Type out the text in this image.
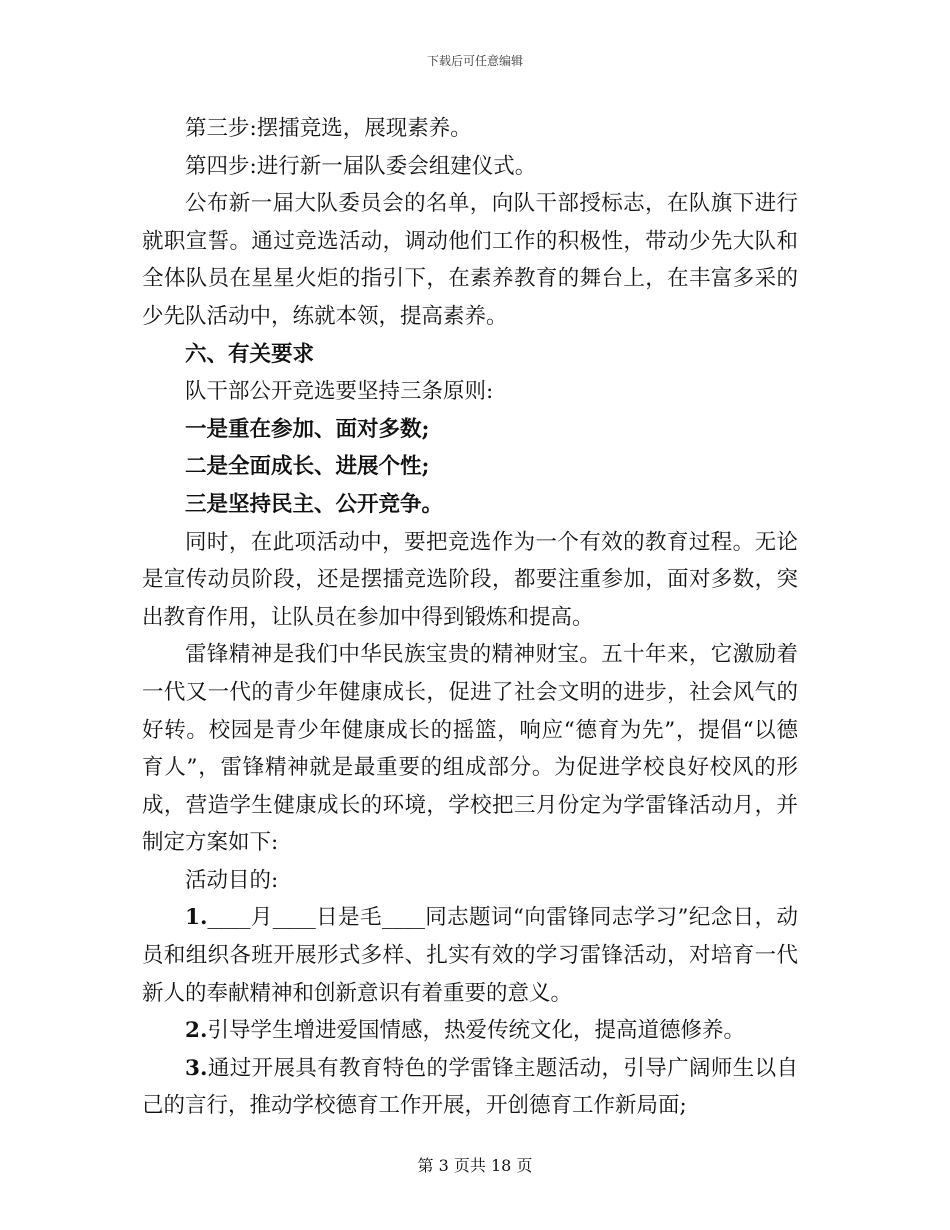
下载后可任意编辑

第三步:摆擂竞选，展现素养。

第四步:进行新一届队委会组建仪式。

公布新一届大队委员会的名单，向队干部授标志，在队旗下进行就职宣誓。通过竞选活动，调动他们工作的积极性，带动少先大队和全体队员在星星火炬的指引下，在素养教育的舞台上，在丰富多采的少先队活动中，练就本领，提高素养。

六、有关要求

队干部公开竞选要坚持三条原则:

一是重在参加、面对多数;

二是全面成长、进展个性;

三是坚持民主、公开竞争。

同时，在此项活动中，要把竞选作为一个有效的教育过程。无论是宣传动员阶段，还是摆擂竞选阶段，都要注重参加，面对多数，突出教育作用，让队员在参加中得到锻炼和提高。

雷锋精神是我们中华民族宝贵的精神财宝。五十年来，它激励着一代又一代的青少年健康成长，促进了社会文明的进步，社会风气的好转。校园是青少年健康成长的摇篮，响应“德育为先”，提倡“以德育人”，雷锋精神就是最重要的组成部分。为促进学校良好校风的形成，营造学生健康成长的环境，学校把三月份定为学雷锋活动月，并制定方案如下:

活动目的:

1.____月____日是毛____同志题词“向雷锋同志学习”纪念日，动员和组织各班开展形式多样、扎实有效的学习雷锋活动，对培育一代新人的奉献精神和创新意识有着重要的意义。

2.引导学生增进爱国情感，热爱传统文化，提高道德修养。

3.通过开展具有教育特色的学雷锋主题活动，引导广阔师生以自己的言行，推动学校德育工作开展，开创德育工作新局面;

第 3 页共 18 页
